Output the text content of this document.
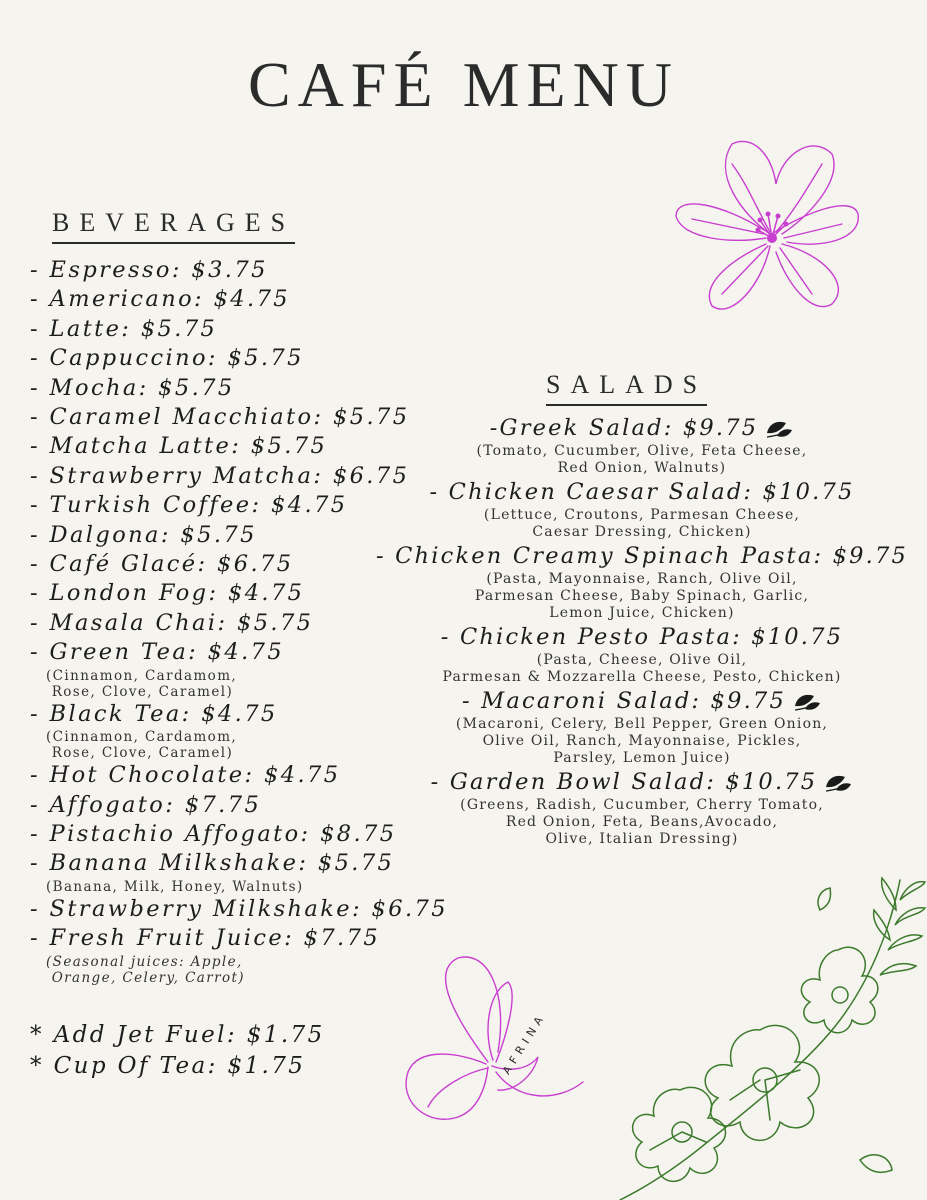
CAFÉ MENU
BEVERAGES
- Espresso: $3.75
- Americano: $4.75
- Latte: $5.75
- Cappuccino: $5.75
- Mocha: $5.75
- Caramel Macchiato: $5.75
- Matcha Latte: $5.75
- Strawberry Matcha: $6.75
- Turkish Coffee: $4.75
- Dalgona: $5.75
- Café Glacé: $6.75
- London Fog: $4.75
- Masala Chai: $5.75
- Green Tea: $4.75
(Cinnamon, Cardamom,
Rose, Clove, Caramel)
- Black Tea: $4.75
(Cinnamon, Cardamom,
Rose, Clove, Caramel)
- Hot Chocolate: $4.75
- Affogato: $7.75
- Pistachio Affogato: $8.75
- Banana Milkshake: $5.75
(Banana, Milk, Honey, Walnuts)
- Strawberry Milkshake: $6.75
- Fresh Fruit Juice: $7.75
(Seasonal juices: Apple,
Orange, Celery, Carrot)
* Add Jet Fuel: $1.75
* Cup Of Tea: $1.75
SALADS
-Greek Salad: $9.75
(Tomato, Cucumber, Olive, Feta Cheese,
Red Onion, Walnuts)
- Chicken Caesar Salad: $10.75
(Lettuce, Croutons, Parmesan Cheese,
Caesar Dressing, Chicken)
- Chicken Creamy Spinach Pasta: $9.75
(Pasta, Mayonnaise, Ranch, Olive Oil,
Parmesan Cheese, Baby Spinach, Garlic,
Lemon Juice, Chicken)
- Chicken Pesto Pasta: $10.75
(Pasta, Cheese, Olive Oil,
Parmesan & Mozzarella Cheese, Pesto, Chicken)
- Macaroni Salad: $9.75
(Macaroni, Celery, Bell Pepper, Green Onion,
Olive Oil, Ranch, Mayonnaise, Pickles,
Parsley, Lemon Juice)
- Garden Bowl Salad: $10.75
(Greens, Radish, Cucumber, Cherry Tomato,
Red Onion, Feta, Beans,Avocado,
Olive, Italian Dressing)
AFRINA
